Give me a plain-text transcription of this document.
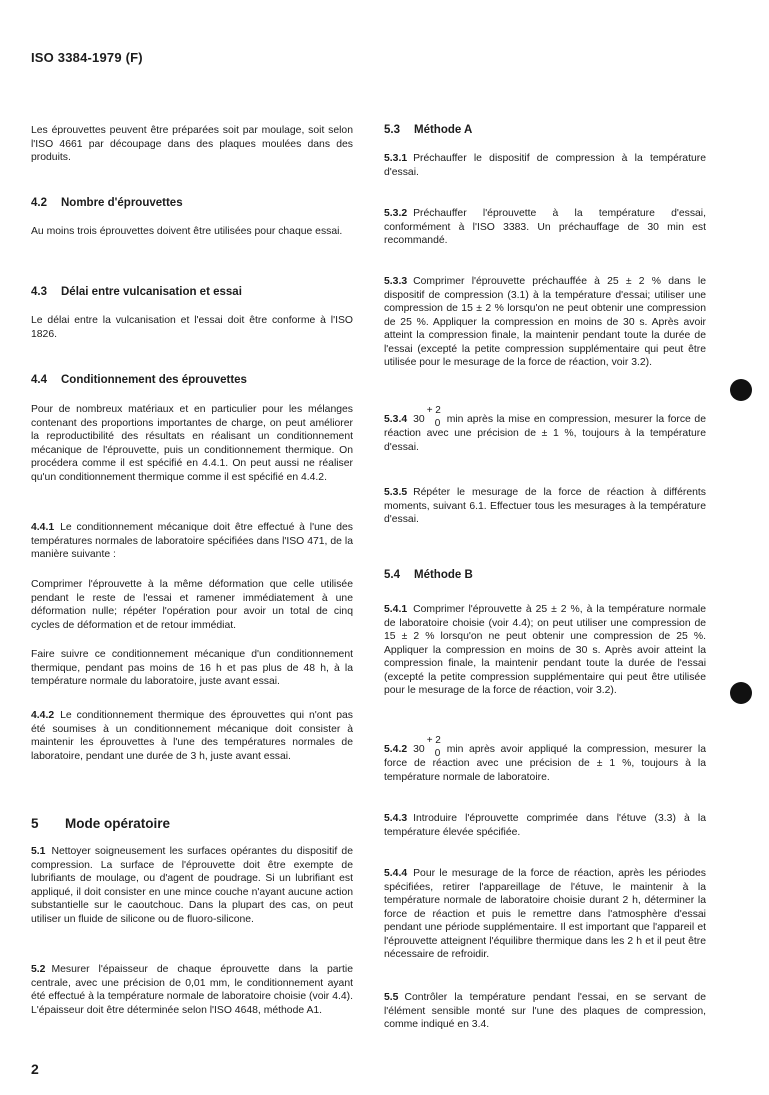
ISO 3384-1979 (F)
Les éprouvettes peuvent être préparées soit par moulage, soit selon l'ISO 4661 par découpage dans des plaques moulées dans des produits.
4.2 Nombre d'éprouvettes
Au moins trois éprouvettes doivent être utilisées pour chaque essai.
4.3 Délai entre vulcanisation et essai
Le délai entre la vulcanisation et l'essai doit être conforme à l'ISO 1826.
4.4 Conditionnement des éprouvettes
Pour de nombreux matériaux et en particulier pour les mélanges contenant des proportions importantes de charge, on peut améliorer la reproductibilité des résultats en réalisant un conditionnement mécanique de l'éprouvette, puis un conditionnement thermique. On procédera comme il est spécifié en 4.4.1. On peut aussi ne réaliser qu'un conditionnement thermique comme il est spécifié en 4.4.2.
4.4.1 Le conditionnement mécanique doit être effectué à l'une des températures normales de laboratoire spécifiées dans l'ISO 471, de la manière suivante :
Comprimer l'éprouvette à la même déformation que celle utilisée pendant le reste de l'essai et ramener immédiatement à une déformation nulle; répéter l'opération pour avoir un total de cinq cycles de déformation et de retour immédiat.
Faire suivre ce conditionnement mécanique d'un conditionnement thermique, pendant pas moins de 16 h et pas plus de 48 h, à la température normale du laboratoire, juste avant essai.
4.4.2 Le conditionnement thermique des éprouvettes qui n'ont pas été soumises à un conditionnement mécanique doit consister à maintenir les éprouvettes à l'une des températures normales de laboratoire, pendant une durée de 3 h, juste avant essai.
5 Mode opératoire
5.1 Nettoyer soigneusement les surfaces opérantes du dispositif de compression. La surface de l'éprouvette doit être exempte de lubrifiants de moulage, ou d'agent de poudrage. Si un lubrifiant est appliqué, il doit consister en une mince couche n'ayant aucune action substantielle sur le caoutchouc. Dans la plupart des cas, on peut utiliser un fluide de silicone ou de fluoro-silicone.
5.2 Mesurer l'épaisseur de chaque éprouvette dans la partie centrale, avec une précision de 0,01 mm, le conditionnement ayant été effectué à la température normale de laboratoire choisie (voir 4.4). L'épaisseur doit être déterminée selon l'ISO 4648, méthode A1.
5.3 Méthode A
5.3.1 Préchauffer le dispositif de compression à la température d'essai.
5.3.2 Préchauffer l'éprouvette à la température d'essai, conformément à l'ISO 3383. Un préchauffage de 30 min est recommandé.
5.3.3 Comprimer l'éprouvette préchauffée à 25 ± 2 % dans le dispositif de compression (3.1) à la température d'essai; utiliser une compression de 15 ± 2 % lorsqu'on ne peut obtenir une compression de 25 %. Appliquer la compression en moins de 30 s. Après avoir atteint la compression finale, la maintenir pendant toute la durée de l'essai (excepté la petite compression supplémentaire qui peut être utilisée pour le mesurage de la force de réaction, voir 3.2).
5.3.4 30
+ 2
0 min après la mise en compression, mesurer la force de réaction avec une précision de ± 1 %, toujours à la température d'essai.
5.3.5 Répéter le mesurage de la force de réaction à différents moments, suivant 6.1. Effectuer tous les mesurages à la température d'essai.
5.4 Méthode B
5.4.1 Comprimer l'éprouvette à 25 ± 2 %, à la température normale de laboratoire choisie (voir 4.4); on peut utiliser une compression de 15 ± 2 % lorsqu'on ne peut obtenir une compression de 25 %. Appliquer la compression en moins de 30 s. Après avoir atteint la compression finale, la maintenir pendant toute la durée de l'essai (excepté la petite compression supplémentaire qui peut être utilisée pour le mesurage de la force de réaction, voir 3.2).
5.4.2 30
+ 2
0 min après avoir appliqué la compression, mesurer la force de réaction avec une précision de ± 1 %, toujours à la température normale de laboratoire.
5.4.3 Introduire l'éprouvette comprimée dans l'étuve (3.3) à la température élevée spécifiée.
5.4.4 Pour le mesurage de la force de réaction, après les périodes spécifiées, retirer l'appareillage de l'étuve, le maintenir à la température normale de laboratoire choisie durant 2 h, déterminer la force de réaction et puis le remettre dans l'atmosphère d'essai pendant une période supplémentaire. Il est important que l'appareil et l'éprouvette atteignent l'équilibre thermique dans les 2 h et il peut être nécessaire de refroidir.
5.5 Contrôler la température pendant l'essai, en se servant de l'élément sensible monté sur l'une des plaques de compression, comme indiqué en 3.4.
2
